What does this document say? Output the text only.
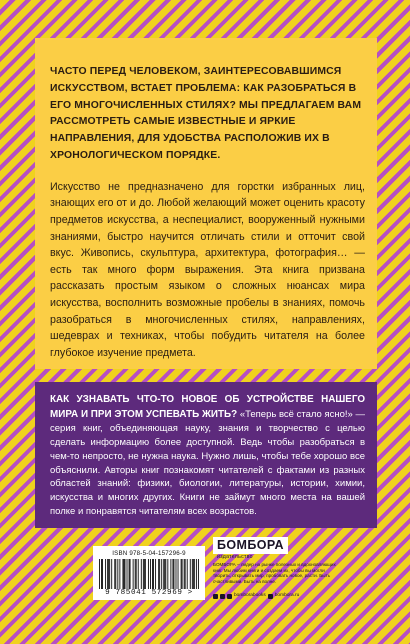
ЧАСТО ПЕРЕД ЧЕЛОВЕКОМ, ЗАИНТЕРЕСОВАВШИМСЯ ИСКУССТВОМ, ВСТАЕТ ПРОБЛЕМА: КАК РАЗОБРАТЬСЯ В ЕГО МНОГОЧИСЛЕННЫХ СТИЛЯХ? МЫ ПРЕДЛАГАЕМ ВАМ РАССМОТРЕТЬ САМЫЕ ИЗВЕСТНЫЕ И ЯРКИЕ НАПРАВЛЕНИЯ, ДЛЯ УДОБСТВА РАСПОЛОЖИВ ИХ В ХРОНОЛОГИЧЕСКОМ ПОРЯДКЕ.

Искусство не предназначено для горстки избранных лиц, знающих его от и до. Любой желающий может оценить красоту предметов искусства, а неспециалист, вооруженный нужными знаниями, быстро научится отличать стили и отточит свой вкус. Живопись, скульптура, архитектура, фотография… — есть так много форм выражения. Эта книга призвана рассказать простым языком о сложных нюансах мира искусства, восполнить возможные пробелы в знаниях, помочь разобраться в многочисленных стилях, направлениях, шедеврах и техниках, чтобы побудить читателя на более глубокое изучение предмета.

КАК УЗНАВАТЬ ЧТО-ТО НОВОЕ ОБ УСТРОЙСТВЕ НАШЕГО МИРА И ПРИ ЭТОМ УСПЕВАТЬ ЖИТЬ? «Теперь всё стало ясно!» — серия книг, объединяющая науку, знания и творчество с целью сделать информацию более доступной. Ведь чтобы разобраться в чем-то непросто, не нужна наука. Нужно лишь, чтобы тебе хорошо все объяснили. Авторы книг познакомят читателей с фактами из разных областей знаний: физики, биологии, литературы, истории, химии, искусства и многих других. Книги не займут много места на вашей полке и понравятся читателям всех возрастов.

ISBN 978-5-04-157296-9
9 785041 572969 >
БОМБОРА
издательство
БОМБОРА – лидер на рынке полезных и вдохновляющих книг. Мы любим книги и создаем их, чтобы вы могли творить, открывать мир, пробовать новое, расти. Быть счастливыми. Быть на волне.
bomborabooks bombora.ru
